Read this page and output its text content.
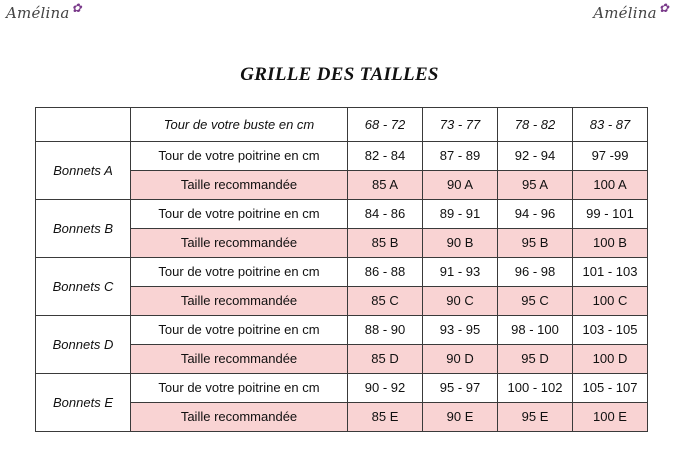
Amélina ✿	Amélina ✿
GRILLE DES TAILLES
	Tour de votre buste en cm	68 - 72	73 - 77	78 - 82	83 - 87
Bonnets A	Tour de votre poitrine en cm	82 - 84	87 - 89	92 - 94	97 -99
	Taille recommandée	85 A	90 A	95 A	100 A
Bonnets B	Tour de votre poitrine en cm	84 - 86	89 - 91	94 - 96	99 - 101
	Taille recommandée	85 B	90 B	95 B	100 B
Bonnets C	Tour de votre poitrine en cm	86 - 88	91 - 93	96 - 98	101 - 103
	Taille recommandée	85 C	90 C	95 C	100 C
Bonnets D	Tour de votre poitrine en cm	88 - 90	93 - 95	98 - 100	103 - 105
	Taille recommandée	85 D	90 D	95 D	100 D
Bonnets E	Tour de votre poitrine en cm	90 - 92	95 - 97	100 - 102	105 - 107
	Taille recommandée	85 E	90 E	95 E	100 E
